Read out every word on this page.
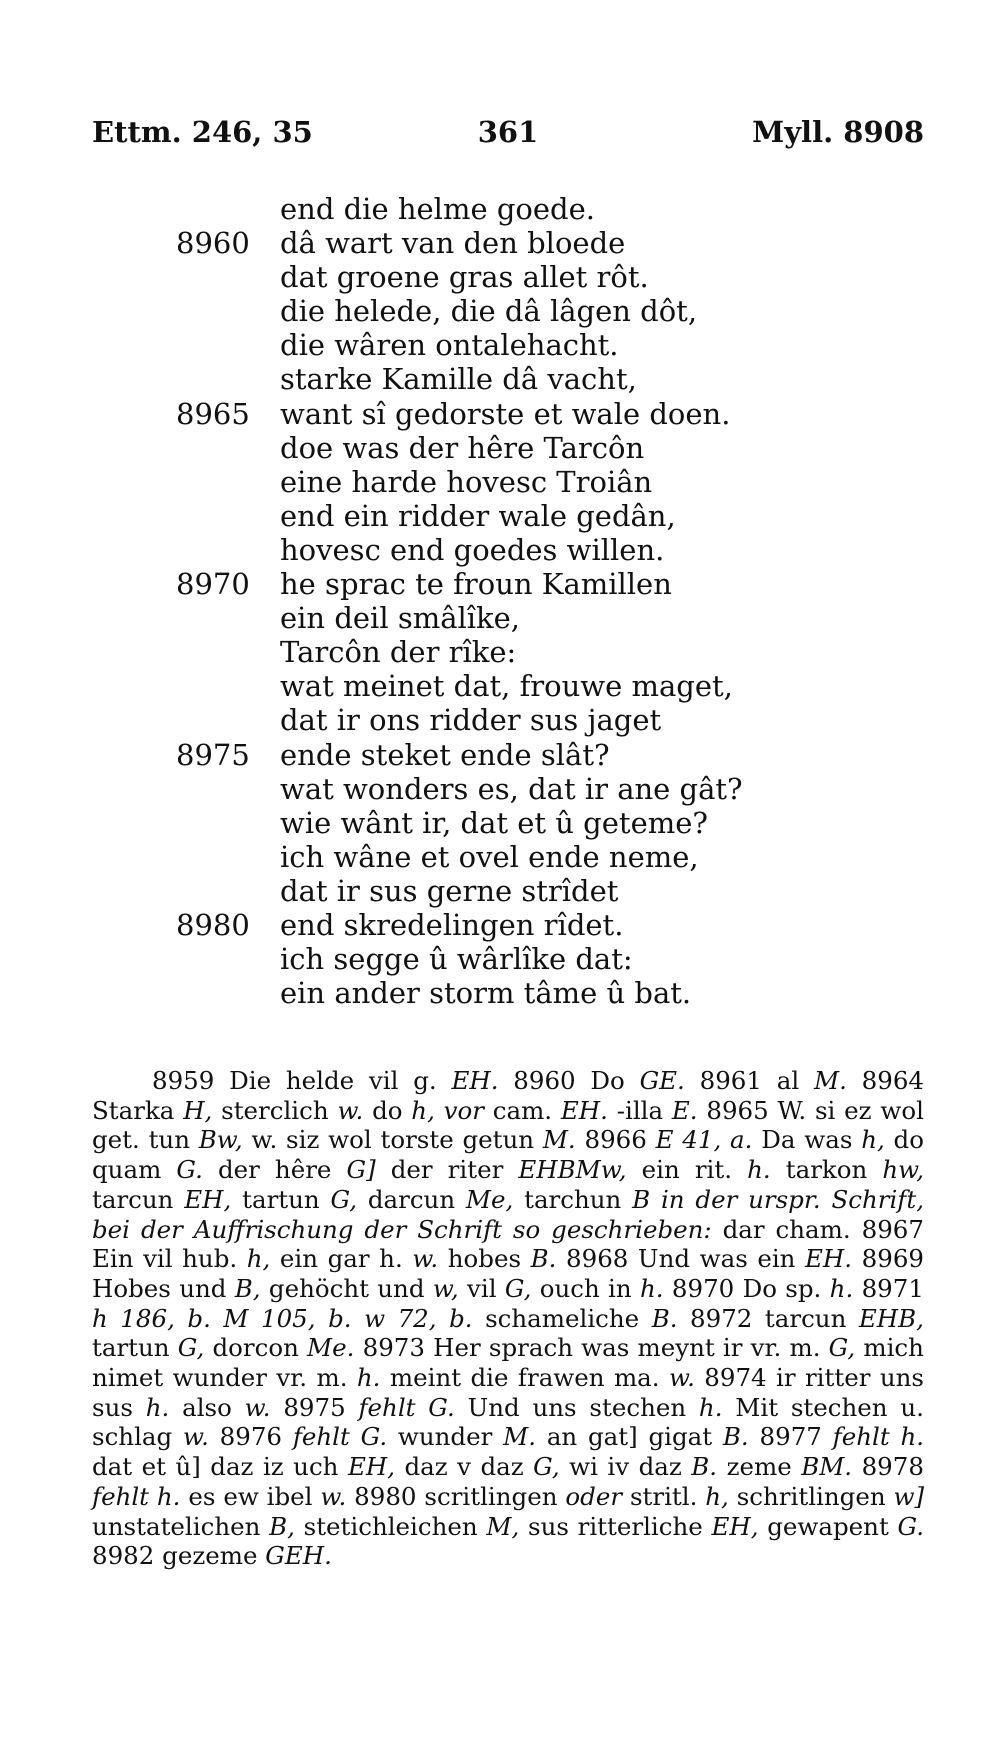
Ettm. 246, 35	361	Myll. 8908
end die helme goede.
8960	dâ wart van den bloede
dat groene gras allet rôt.
die helede, die dâ lâgen dôt,
die wâren ontalehacht.
starke Kamille dâ vacht,
8965	want sî gedorste et wale doen.
doe was der hêre Tarcôn
eine harde hovesc Troiân
end ein ridder wale gedân,
hovesc end goedes willen.
8970	he sprac te froun Kamillen
ein deil smâlîke,
Tarcôn der rîke:
wat meinet dat, frouwe maget,
dat ir ons ridder sus jaget
8975	ende steket ende slât?
wat wonders es, dat ir ane gât?
wie wânt ir, dat et û geteme?
ich wâne et ovel ende neme,
dat ir sus gerne strîdet
8980	end skredelingen rîdet.
ich segge û wârlîke dat:
ein ander storm tâme û bat.

8959 Die helde vil g. EH. 8960 Do GE. 8961 al M. 8964 Starka H, sterclich w. do h, vor cam. EH. -illa E. 8965 W. si ez wol get. tun Bw, w. siz wol torste getun M. 8966 E 41, a. Da was h, do quam G. der hêre G] der riter EHBMw, ein rit. h. tarkon hw, tarcun EH, tartun G, darcun Me, tarchun B in der urspr. Schrift, bei der Auffrischung der Schrift so geschrieben: dar cham. 8967 Ein vil hub. h, ein gar h. w. hobes B. 8968 Und was ein EH. 8969 Hobes und B, gehöcht und w, vil G, ouch in h. 8970 Do sp. h. 8971 h 186, b. M 105, b. w 72, b. schameliche B. 8972 tarcun EHB, tartun G, dorcon Me. 8973 Her sprach was meynt ir vr. m. G, mich nimet wunder vr. m. h. meint die frawen ma. w. 8974 ir ritter uns sus h. also w. 8975 fehlt G. Und uns stechen h. Mit stechen u. schlag w. 8976 fehlt G. wunder M. an gat] gigat B. 8977 fehlt h. dat et û] daz iz uch EH, daz v daz G, wi iv daz B. zeme BM. 8978 fehlt h. es ew ibel w. 8980 scritlingen oder stritl. h, schritlingen w] unstatelichen B, stetichleichen M, sus ritterliche EH, gewapent G. 8982 gezeme GEH.
